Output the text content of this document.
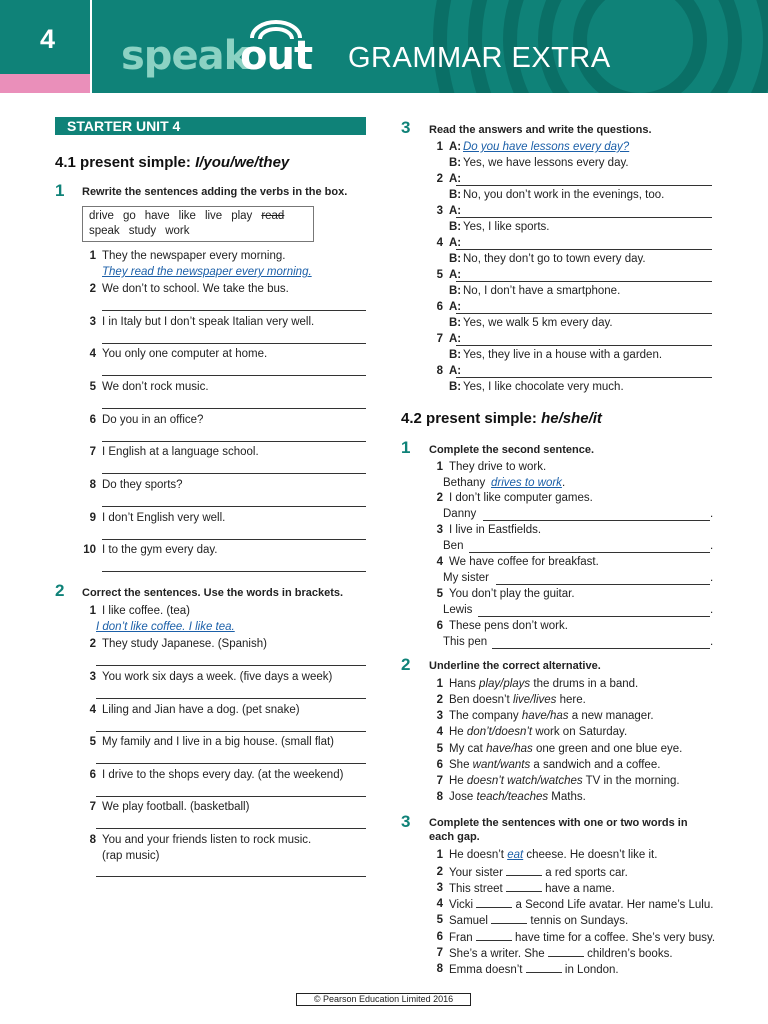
4	speak
out GRAMMAR EXTRA
STARTER UNIT 4
4.1 present simple: I/you/we/they
1 Rewrite the sentences adding the verbs in the box.
drive go have like live play read
speak study work
1 They the newspaper every morning.
They read the newspaper every morning.
2 We don’t to school. We take the bus.
3 I in Italy but I don’t speak Italian very well.
4 You only one computer at home.
5 We don’t rock music.
6 Do you in an office?
7 I English at a language school.
8 Do they sports?
9 I don’t English very well.
10 I to the gym every day.
2 Correct the sentences. Use the words in brackets.
1 I like coffee. (tea)
I don’t like coffee. I like tea.
2 They study Japanese. (Spanish)
3 You work six days a week. (five days a week)
4 Liling and Jian have a dog. (pet snake)
5 My family and I live in a big house. (small flat)
6 I drive to the shops every day. (at the weekend)
7 We play football. (basketball)
8 You and your friends listen to rock music.
(rap music)
3 Read the answers and write the questions.
1 A: Do you have lessons every day?
B: Yes, we have lessons every day.
2 A:
B: No, you don’t work in the evenings, too.
3 A:
B: Yes, I like sports.
4 A:
B: No, they don’t go to town every day.
5 A:
B: No, I don’t have a smartphone.
6 A:
B: Yes, we walk 5 km every day.
7 A:
B: Yes, they live in a house with a garden.
8 A:
B: Yes, I like chocolate very much.
4.2 present simple: he/she/it
1 Complete the second sentence.
1 They drive to work.
Bethany drives to work .
2 I don’t like computer games.
Danny	.
3 I live in Eastfields.
Ben	.
4 We have coffee for breakfast.
My sister	.
5 You don’t play the guitar.
Lewis	.
6 These pens don’t work.
This pen	.
2 Underline the correct alternative.
1 Hans play/plays the drums in a band.
2 Ben doesn’t live/lives here.
3 The company have/has a new manager.
4 He don’t/doesn’t work on Saturday.
5 My cat have/has one green and one blue eye.
6 She want/wants a sandwich and a coffee.
7 He doesn’t watch/watches TV in the morning.
8 Jose teach/teaches Maths.
3 Complete the sentences with one or two words in
each gap.
1 He doesn’t eat cheese. He doesn’t like it.
2 Your sister	a red sports car.
3 This street	have a name.
4 Vicki	a Second Life avatar. Her name’s Lulu.
5 Samuel	tennis on Sundays.
6 Fran	have time for a coffee. She’s very busy.
7 She’s a writer. She	children’s books.
8 Emma doesn’t	in London.
© Pearson Education Limited 2016
